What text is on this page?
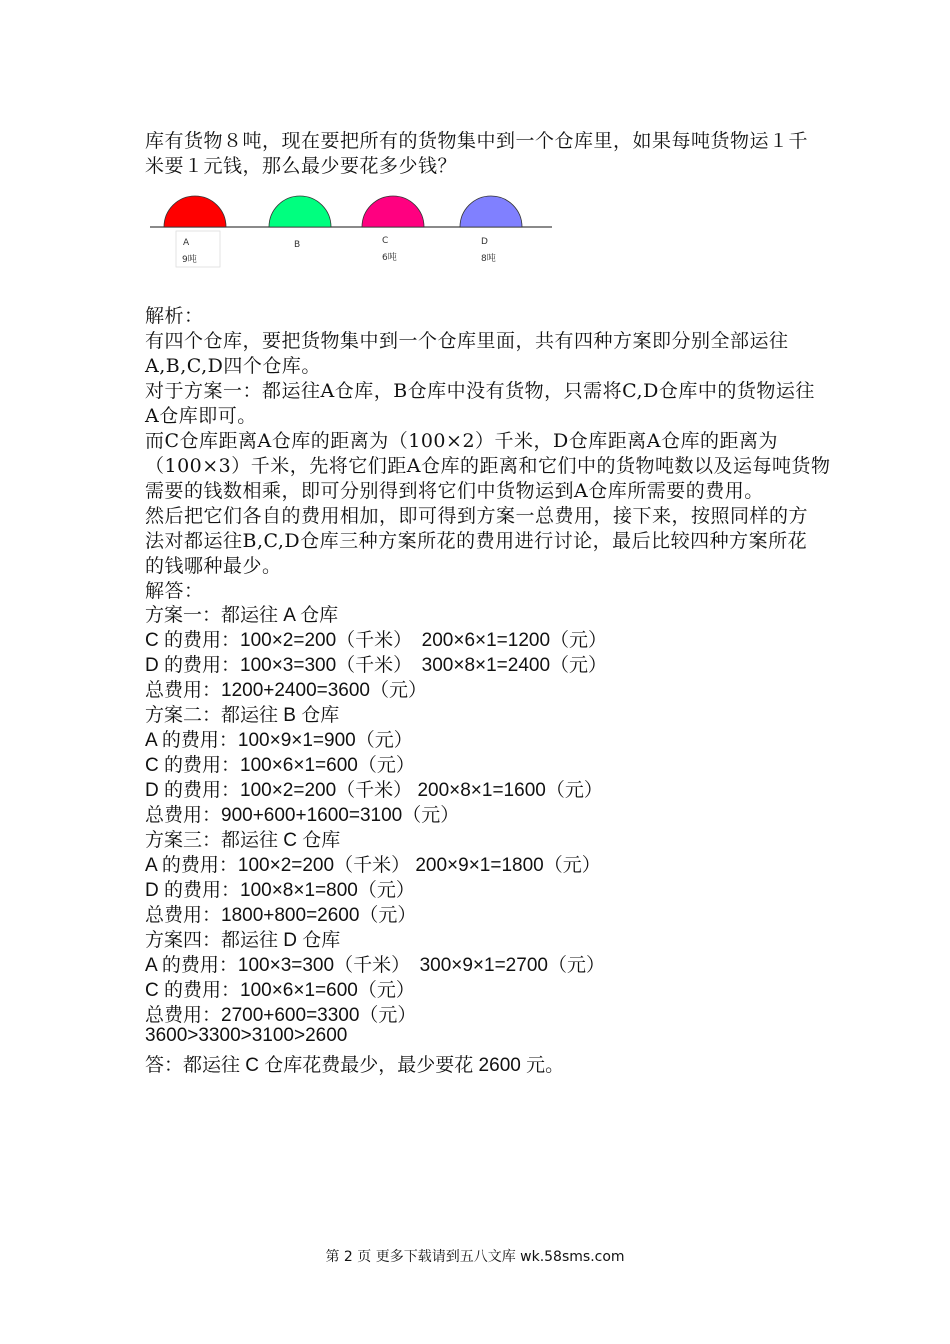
库有货物８吨，现在要把所有的货物集中到一个仓库里，如果每吨货物运１千
米要１元钱，那么最少要花多少钱？
A
9吨
B	C
6吨
D
8吨
解析：
有四个仓库，要把货物集中到一个仓库里面，共有四种方案即分别全部运往
A,B,C,D四个仓库。
对于方案一：都运往A仓库，B仓库中没有货物，只需将C,D仓库中的货物运往
A仓库即可。
而C仓库距离A仓库的距离为（100×2）千米，D仓库距离A仓库的距离为
（100×3）千米，先将它们距A仓库的距离和它们中的货物吨数以及运每吨货物
需要的钱数相乘，即可分别得到将它们中货物运到A仓库所需要的费用。
然后把它们各自的费用相加，即可得到方案一总费用，接下来，按照同样的方
法对都运往B,C,D仓库三种方案所花的费用进行讨论，最后比较四种方案所花
的钱哪种最少。
解答：
方案一：都运往 A 仓库
C 的费用：100×2=200（千米）　200×6×1=1200（元）
D 的费用：100×3=300（千米）　300×8×1=2400（元）
总费用：1200+2400=3600（元）
方案二：都运往 B 仓库
A 的费用：100×9×1=900（元）
C 的费用：100×6×1=600（元）
D 的费用：100×2=200（千米） 200×8×1=1600（元）
总费用：900+600+1600=3100（元）
方案三：都运往 C 仓库
A 的费用：100×2=200（千米） 200×9×1=1800（元）
D 的费用：100×8×1=800（元）
总费用：1800+800=2600（元）
方案四：都运往 D 仓库
A 的费用：100×3=300（千米）　300×9×1=2700（元）
C 的费用：100×6×1=600（元）
总费用：2700+600=3300（元）
3600>3300>3100>2600
答：都运往 C 仓库花费最少，最少要花 2600 元。
第 2 页 更多下载请到五八文库 wk.58sms.com
